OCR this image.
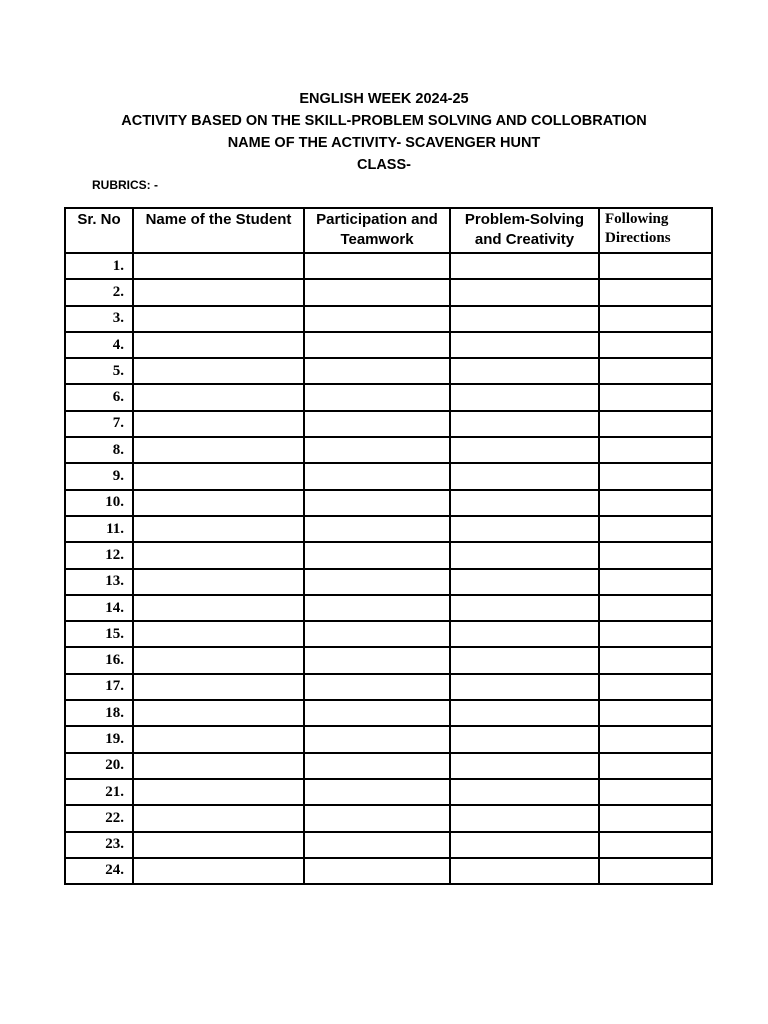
ENGLISH WEEK 2024-25
ACTIVITY BASED ON THE SKILL-PROBLEM SOLVING AND COLLOBRATION
NAME OF THE ACTIVITY- SCAVENGER HUNT
CLASS-
RUBRICS: -
Sr. No	Name of the Student	Participation and Teamwork	Problem-Solving and Creativity	Following Directions
1.				
2.				
3.				
4.				
5.				
6.				
7.				
8.				
9.				
10.				
11.				
12.				
13.				
14.				
15.				
16.				
17.				
18.				
19.				
20.				
21.				
22.				
23.				
24.				
